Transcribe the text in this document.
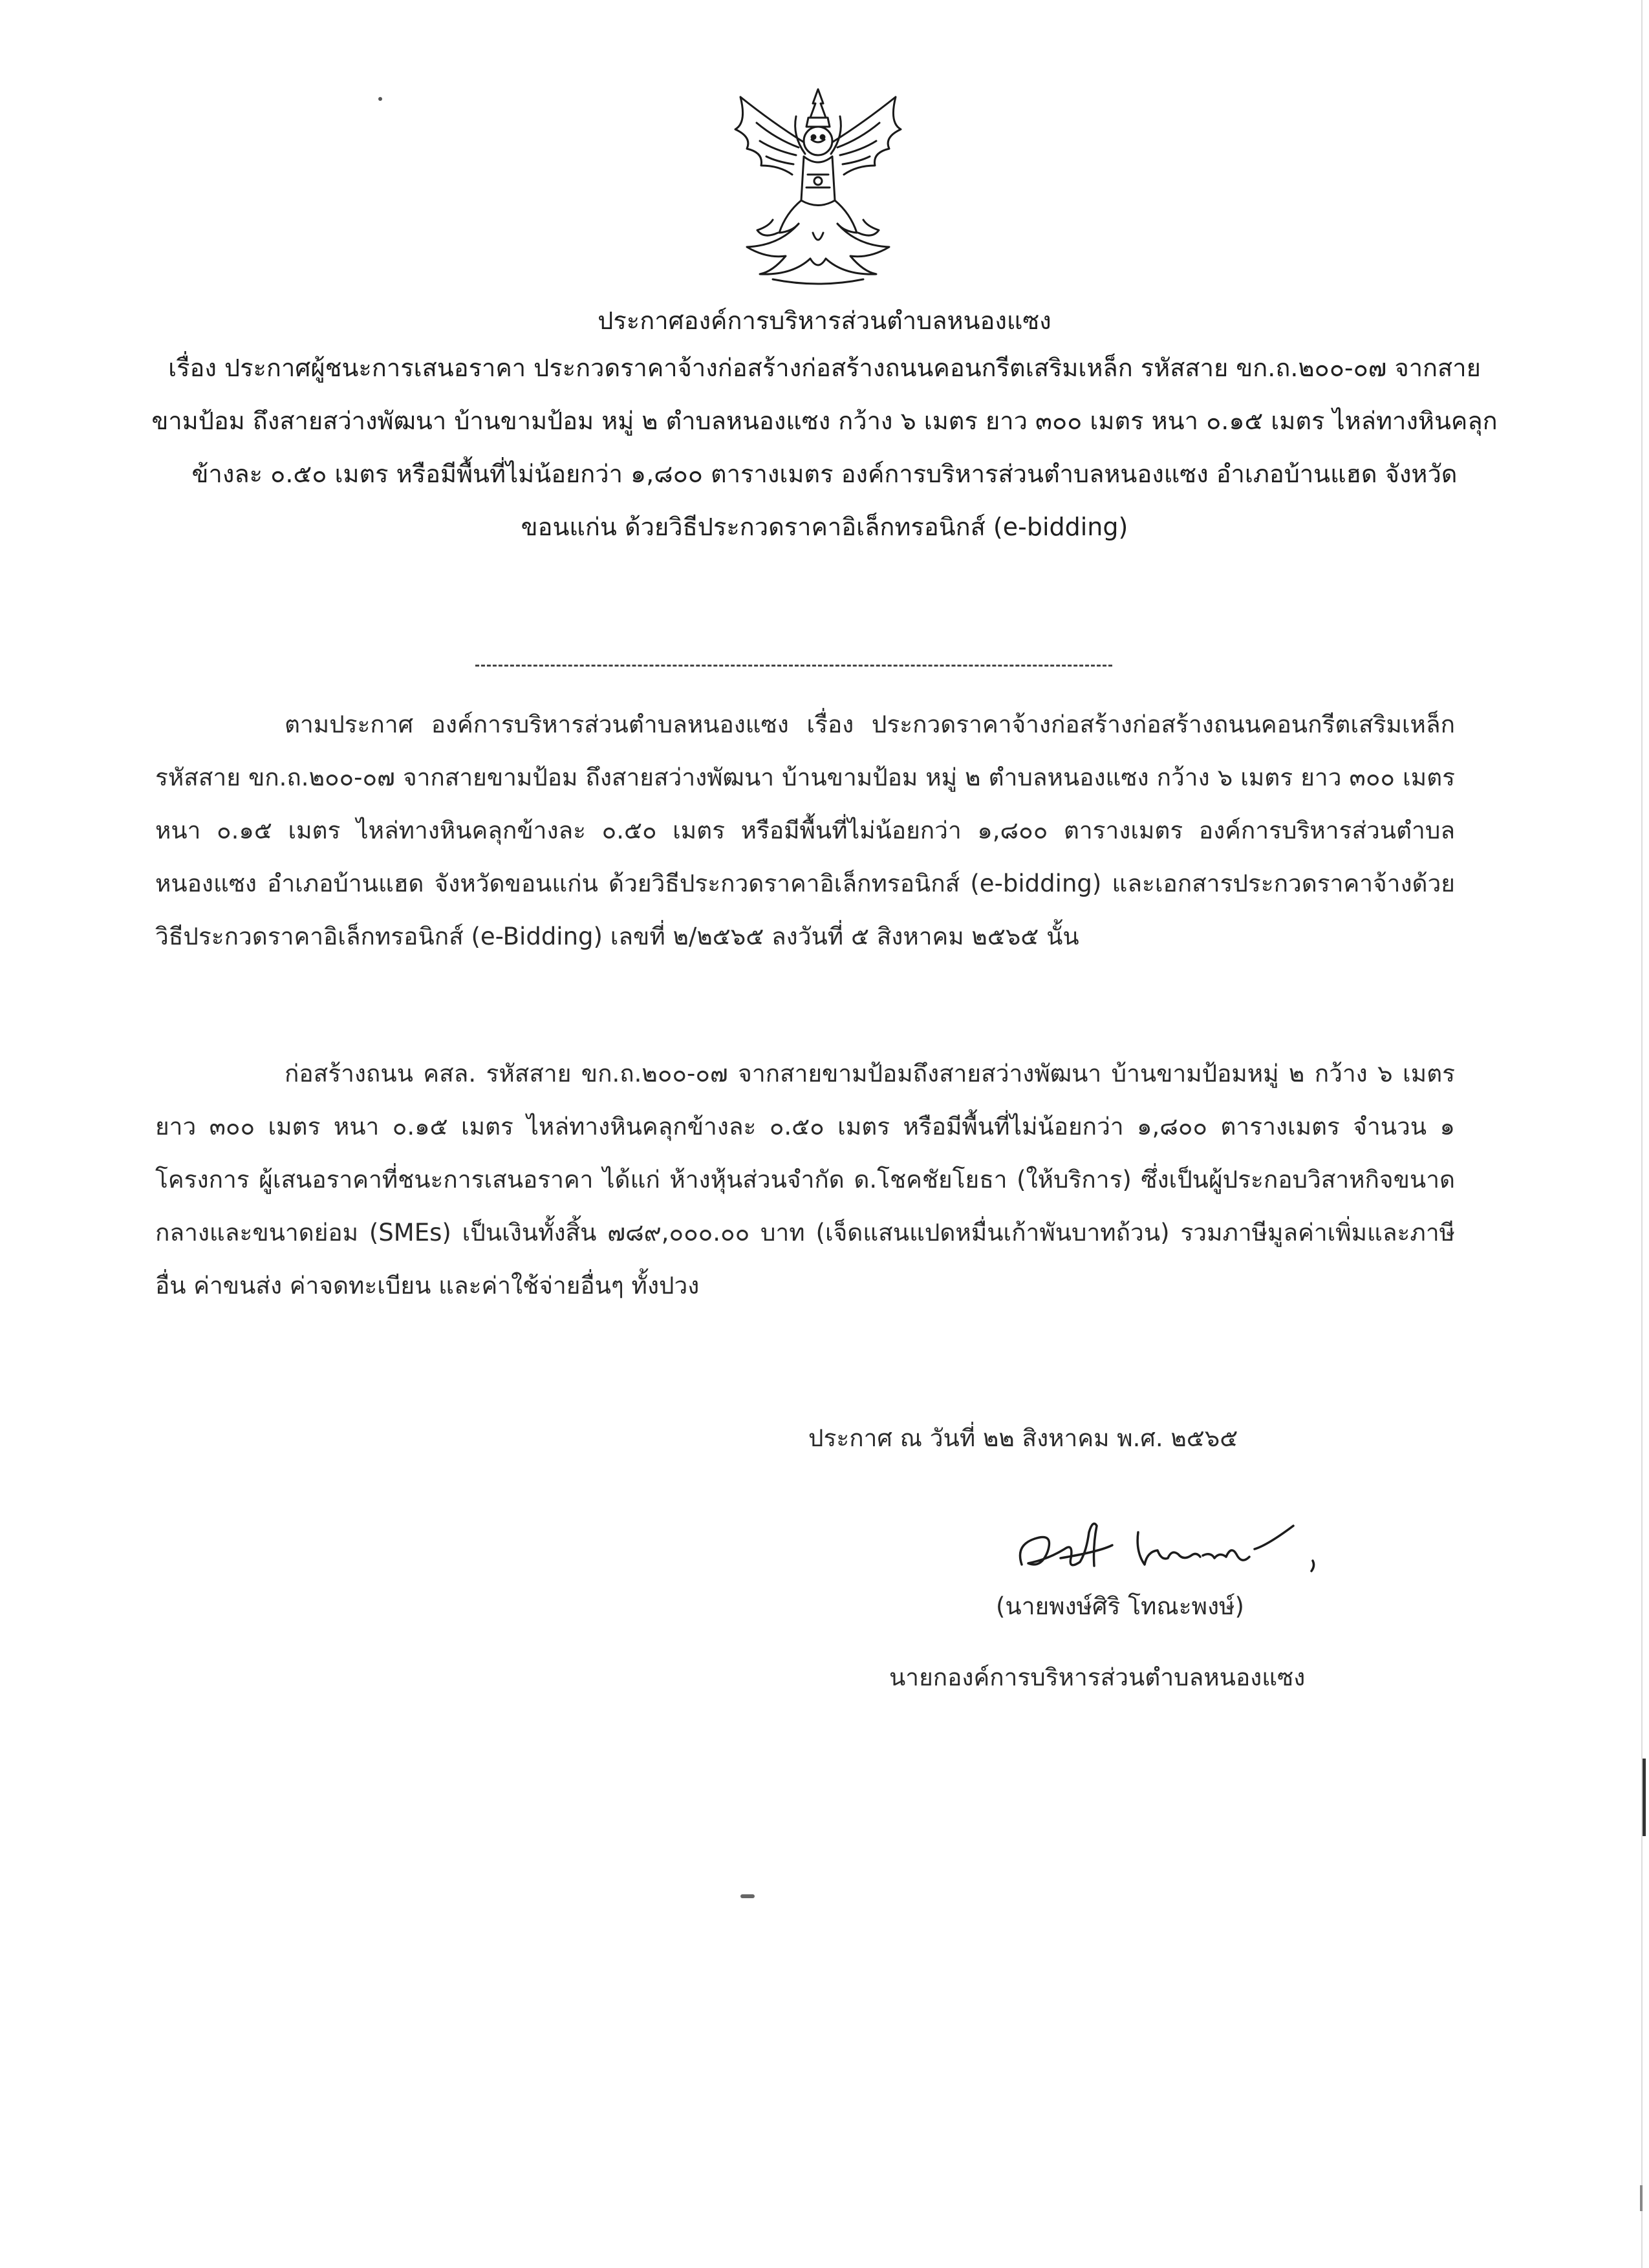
ประกาศองค์การบริหารส่วนตำบลหนองแซง
เรื่อง ประกาศผู้ชนะการเสนอราคา ประกวดราคาจ้างก่อสร้างก่อสร้างถนนคอนกรีตเสริมเหล็ก รหัสสาย ขก.ถ.๒๐๐-๐๗ จากสายขามป้อม ถึงสายสว่างพัฒนา บ้านขามป้อม หมู่ ๒ ตำบลหนองแซง กว้าง ๖ เมตร ยาว ๓๐๐ เมตร หนา ๐.๑๕ เมตร ไหล่ทางหินคลุกข้างละ ๐.๕๐ เมตร หรือมีพื้นที่ไม่น้อยกว่า ๑,๘๐๐ ตารางเมตร องค์การบริหารส่วนตำบลหนองแซง อำเภอบ้านแฮด จังหวัดขอนแก่น ด้วยวิธีประกวดราคาอิเล็กทรอนิกส์ (e-bidding)
ตามประกาศ องค์การบริหารส่วนตำบลหนองแซง เรื่อง ประกวดราคาจ้างก่อสร้างก่อสร้างถนนคอนกรีตเสริมเหล็ก รหัสสาย ขก.ถ.๒๐๐-๐๗ จากสายขามป้อม ถึงสายสว่างพัฒนา บ้านขามป้อม หมู่ ๒ ตำบลหนองแซง กว้าง ๖ เมตร ยาว ๓๐๐ เมตร หนา ๐.๑๕ เมตร ไหล่ทางหินคลุกข้างละ ๐.๕๐ เมตร หรือมีพื้นที่ไม่น้อยกว่า ๑,๘๐๐ ตารางเมตร องค์การบริหารส่วนตำบลหนองแซง อำเภอบ้านแฮด จังหวัดขอนแก่น ด้วยวิธีประกวดราคาอิเล็กทรอนิกส์ (e-bidding) และเอกสารประกวดราคาจ้างด้วยวิธีประกวดราคาอิเล็กทรอนิกส์ (e-Bidding) เลขที่ ๒/๒๕๖๕ ลงวันที่ ๕ สิงหาคม ๒๕๖๕ นั้น
ก่อสร้างถนน คสล. รหัสสาย ขก.ถ.๒๐๐-๐๗ จากสายขามป้อมถึงสายสว่างพัฒนา บ้านขามป้อมหมู่ ๒ กว้าง ๖ เมตร ยาว ๓๐๐ เมตร หนา ๐.๑๕ เมตร ไหล่ทางหินคลุกข้างละ ๐.๕๐ เมตร หรือมีพื้นที่ไม่น้อยกว่า ๑,๘๐๐ ตารางเมตร จำนวน ๑ โครงการ ผู้เสนอราคาที่ชนะการเสนอราคา ได้แก่ ห้างหุ้นส่วนจำกัด ด.โชคชัยโยธา (ให้บริการ) ซึ่งเป็นผู้ประกอบวิสาหกิจขนาดกลางและขนาดย่อม (SMEs) เป็นเงินทั้งสิ้น ๗๘๙,๐๐๐.๐๐ บาท (เจ็ดแสนแปดหมื่นเก้าพันบาทถ้วน) รวมภาษีมูลค่าเพิ่มและภาษีอื่น ค่าขนส่ง ค่าจดทะเบียน และค่าใช้จ่ายอื่นๆ ทั้งปวง
ประกาศ ณ วันที่ ๒๒ สิงหาคม พ.ศ. ๒๕๖๕
(นายพงษ์ศิริ โทณะพงษ์)
นายกองค์การบริหารส่วนตำบลหนองแซง
